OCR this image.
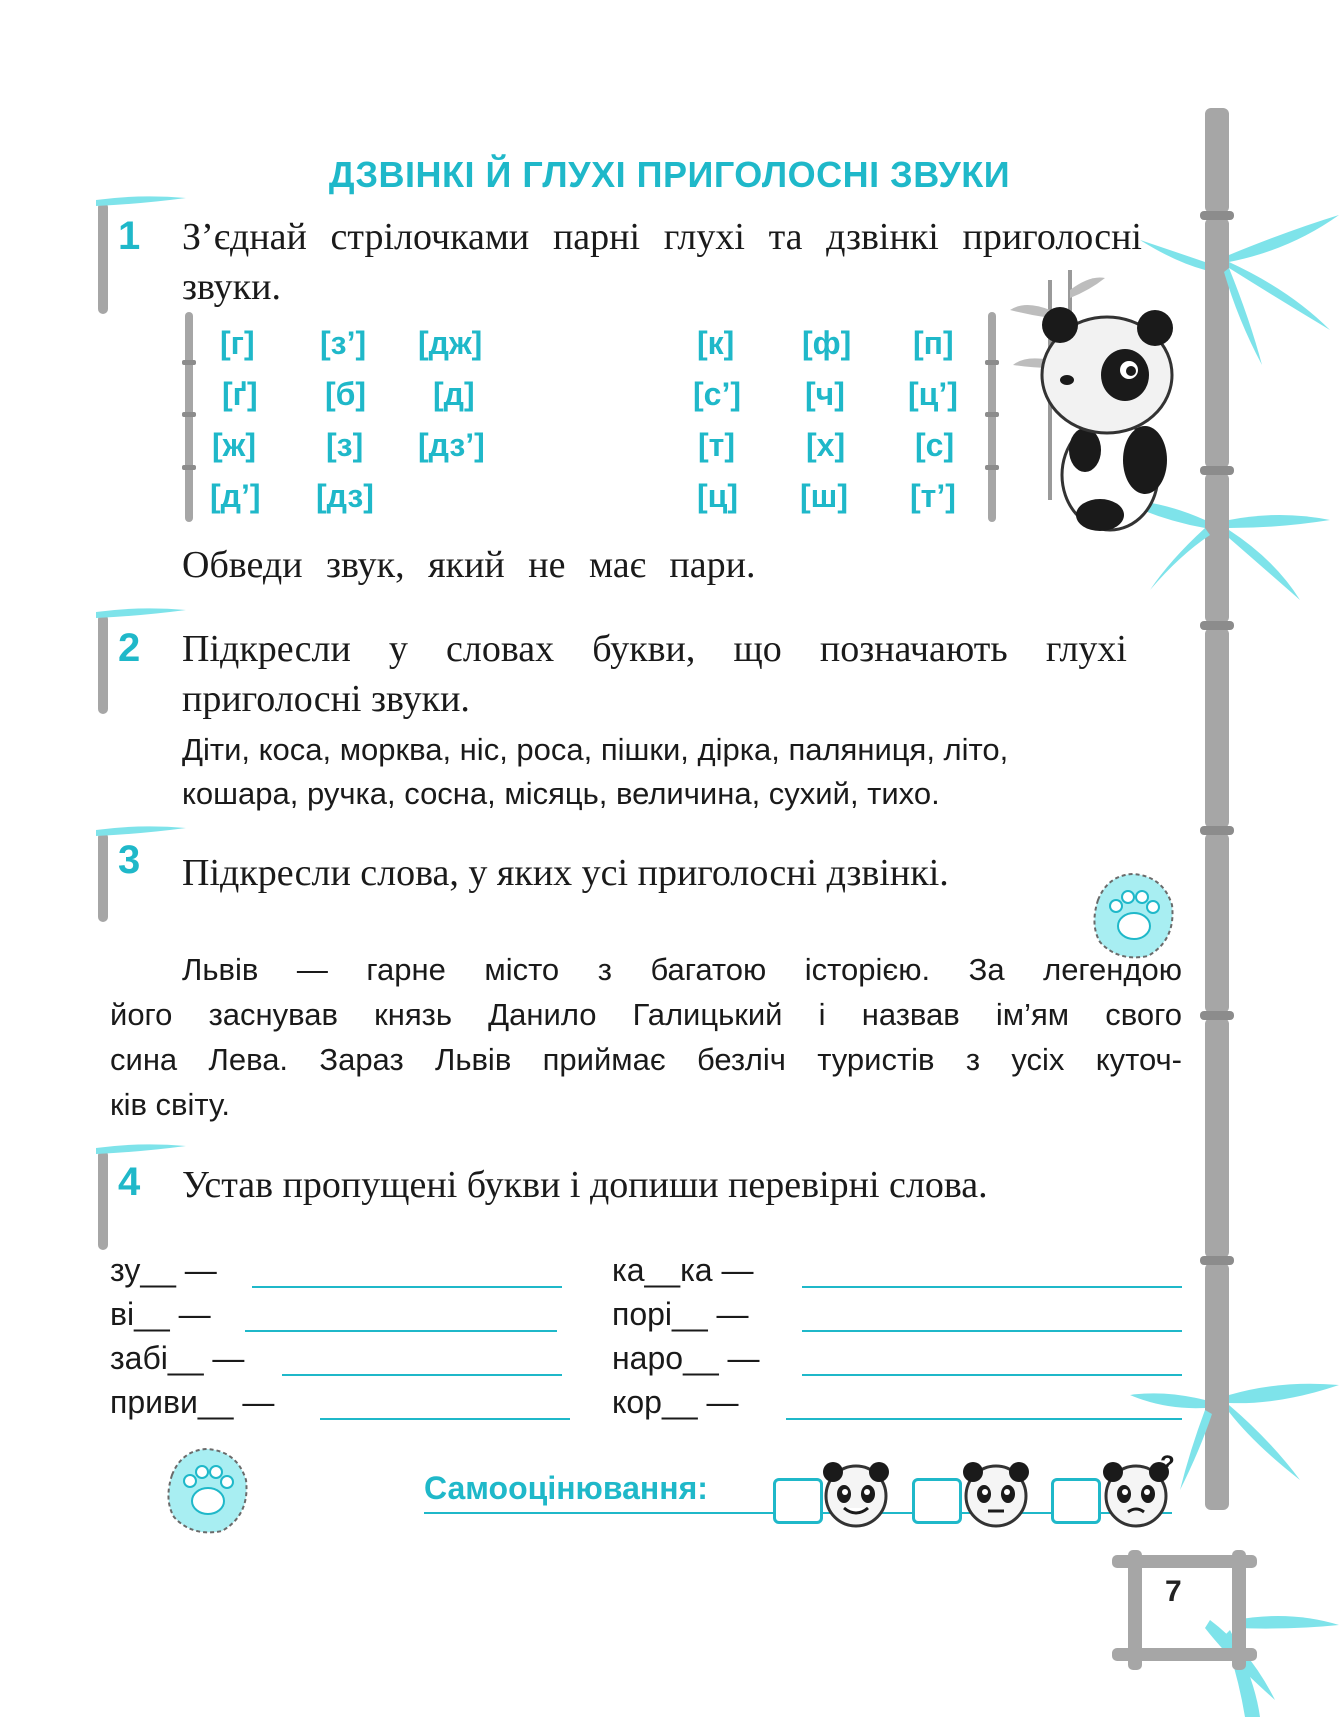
ДЗВІНКІ Й ГЛУХІ ПРИГОЛОСНІ ЗВУКИ
1 З’єднай стрілочками парні глухі та дзвінкі приголосні звуки.
[г] [з’] [дж]
[ґ] [б] [д]
[ж] [з] [дз’]
[д’] [дз]
[к] [ф] [п]
[с’] [ч] [ц’]
[т] [х] [с]
[ц] [ш] [т’]
Обведи звук, який не має пари.
2 Підкресли у словах букви, що позначають глухі приголосні звуки.
Діти, коса, морква, ніс, роса, пішки, дірка, паляниця, літо,
кошара, ручка, сосна, місяць, величина, сухий, тихо.
3 Підкресли слова, у яких усі приголосні дзвінкі.
Львів — гарне місто з багатою історією. За легендою
його заснував князь Данило Галицький і назвав ім’ям свого
сина Лева. Зараз Львів приймає безліч туристів з усіх куточ-
ків світу.
4 Устав пропущені букви і допиши перевірні слова.
зу__ —
ві__ —
забі__ —
приви__ —
ка__ка —
порі__ —
наро__ —
кор__ —
Самооцінювання:
?
7
